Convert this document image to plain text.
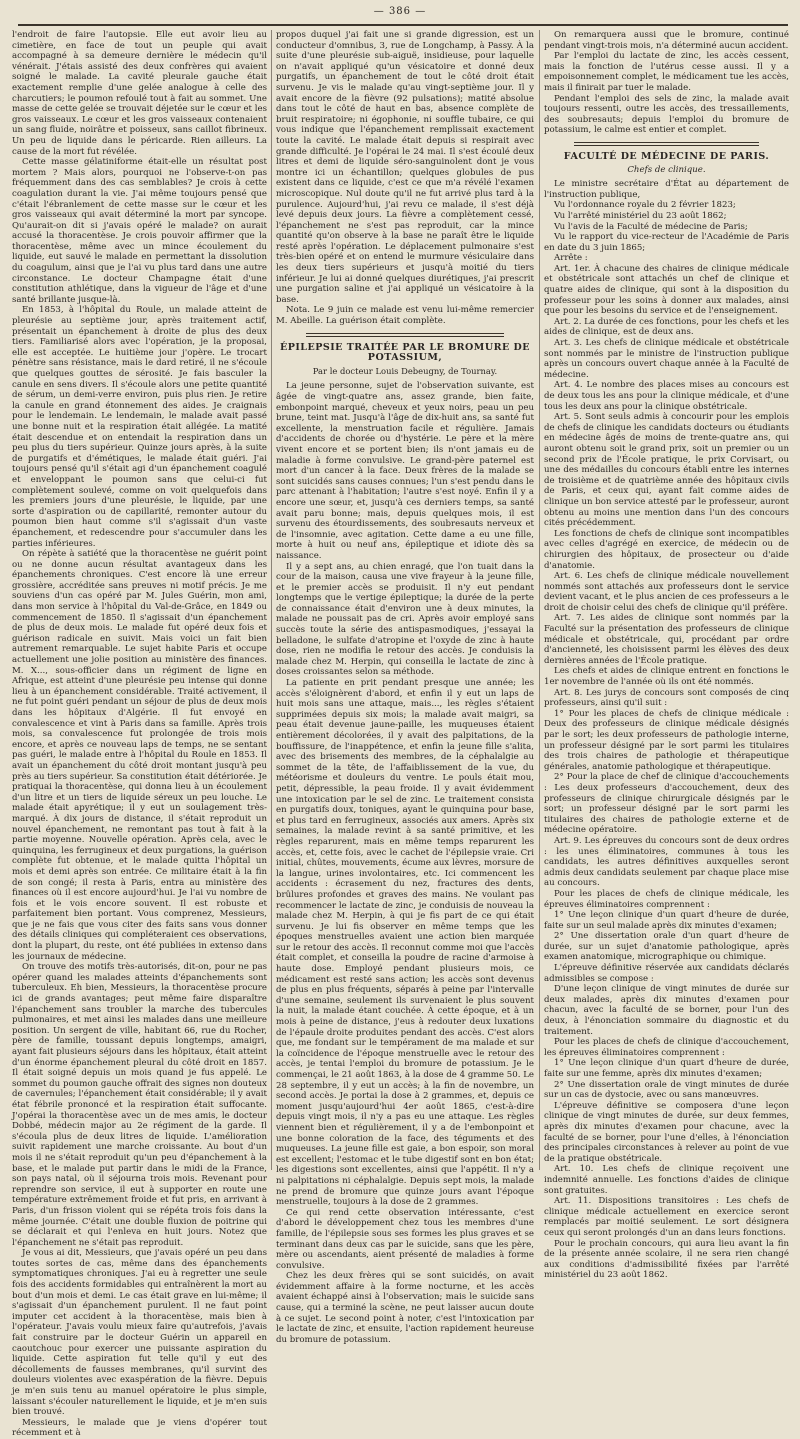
— 386 —

l'endroit de faire l'autopsie. Elle eut avoir lieu au cimetière, en face de tout un peuple qui avait accompagné à sa demeure dernière le médecin qu'il vénérait. J'étais assisté des deux confrères qui avaient soigné le malade. La cavité pleurale gauche était exactement remplie d'une gelée analogue à celle des charcutiers; le poumon refoulé tout à fait au sommet. Une masse de cette gelée se trouvait déjetée sur le cœur et les gros vaisseaux. Le cœur et les gros vaisseaux contenaient un sang fluide, noirâtre et poisseux, sans caillot fibrineux. Un peu de liquide dans le péricarde. Rien ailleurs. La cause de la mort fut révélée.

Cette masse gélatiniforme était-elle un résultat post mortem ? Mais alors, pourquoi ne l'observe-t-on pas fréquemment dans des cas semblables? Je crois à cette coagulation durant la vie. J'ai même toujours pensé que c'était l'ébranlement de cette masse sur le cœur et les gros vaisseaux qui avait déterminé la mort par syncope. Qu'aurait-on dit si j'avais opéré le malade? on aurait accusé la thoracentèse. Je crois pouvoir affirmer que la thoracentèse, même avec un mince écoulement du liquide, eut sauvé le malade en permettant la dissolution du coagulum, ainsi que je l'ai vu plus tard dans une autre circonstance. Le docteur Champagne était d'une constitution athlétique, dans la vigueur de l'âge et d'une santé brillante jusque-là.

En 1853, à l'hôpital du Roule, un malade atteint de pleurésie au septième jour, après traitement actif, présentait un épanchement à droite de plus des deux tiers. Familiarisé alors avec l'opération, je la proposai, elle est acceptée. Le huitième jour j'opère. Le trocart pénètre sans résistance, mais le dard retiré, il ne s'écoule que quelques gouttes de sérosité. Je fais basculer la canule en sens divers. Il s'écoule alors une petite quantité de sérum, un demi-verre environ, puis plus rien. Je retire la canule en grand étonnement des aides. Je craignais pour le lendemain. Le lendemain, le malade avait passé une bonne nuit et la respiration était allégée. La matité était descendue et on entendait la respiration dans un peu plus du tiers supérieur. Quinze jours après, à la suite de purgatifs et d'émétiques, le malade était guéri. J'ai toujours pensé qu'il s'était agi d'un épanchement coagulé et enveloppant le poumon sans que celui-ci fut complètement soulevé, comme on voit quelquefois dans les premiers jours d'une pleurésie, le liquide, par une sorte d'aspiration ou de capillarité, remonter autour du poumon bien haut comme s'il s'agissait d'un vaste épanchement, et redescendre pour s'accumuler dans les parties inférieures.

On répète à satiété que la thoracentèse ne guérit point ou ne donne aucun résultat avantageux dans les épanchements chroniques. C'est encore là une erreur grossière, accréditée sans preuves ni motif précis. Je me souviens d'un cas opéré par M. Jules Guérin, mon ami, dans mon service à l'hôpital du Val-de-Grâce, en 1849 ou commencement de 1850. Il s'agissait d'un épanchement de plus de deux mois. Le malade fut opéré deux fois et guérison radicale en suivit. Mais voici un fait bien autrement remarquable. Le sujet habite Paris et occupe actuellement une jolie position au ministère des finances. M. X..., sous-officier dans un régiment de ligne en Afrique, est atteint d'une pleurésie peu intense qui donne lieu à un épanchement considérable. Traité activement, il ne fut point guéri pendant un séjour de plus de deux mois dans les hôpitaux d'Algérie. Il fut envoyé en convalescence et vint à Paris dans sa famille. Après trois mois, sa convalescence fut prolongée de trois mois encore, et après ce nouveau laps de temps, ne se sentant pas guéri, le malade entre à l'hôpital du Roule en 1853. Il avait un épanchement du côté droit montant jusqu'à peu près au tiers supérieur. Sa constitution était détériorée. Je pratiquai la thoracentèse, qui donna lieu à un écoulement d'un litre et un tiers de liquide séreux un peu louche. Le malade était apyrétique; il y eut un soulagement très-marqué. À dix jours de distance, il s'était reproduit un nouvel épanchement, ne remontant pas tout à fait à la partie moyenne. Nouvelle opération. Après cela, avec le quinquina, les ferrugineux et deux purgations, la guérison complète fut obtenue, et le malade quitta l'hôpital un mois et demi après son entrée. Ce militaire était à la fin de son congé; il resta à Paris, entra au ministère des finances où il est encore aujourd'hui. Je l'ai vu nombre de fois et le vois encore souvent. Il est robuste et parfaitement bien portant. Vous comprenez, Messieurs, que je ne fais que vous citer des faits sans vous donner des détails cliniques qui compléteraient ces observations, dont la plupart, du reste, ont été publiées in extenso dans les journaux de médecine.

On trouve des motifs très-autorisés, dit-on, pour ne pas opérer quand les malades atteints d'épanchements sont tuberculeux. Eh bien, Messieurs, la thoracentèse procure ici de grands avantages; peut même faire disparaître l'épanchement sans troubler la marche des tubercules pulmonaires, et met ainsi les malades dans une meilleure position. Un sergent de ville, habitant 66, rue du Rocher, père de famille, toussant depuis longtemps, amaigri, ayant fait plusieurs séjours dans les hôpitaux, était atteint d'un énorme épanchement pleural du côté droit en 1857. Il était soigné depuis un mois quand je fus appelé. Le sommet du poumon gauche offrait des signes non douteux de cavernules; l'épanchement était considérable; il y avait état fébrile prononcé et la respiration était suffocante. J'opérai la thoracentèse avec un de mes amis, le docteur Dobbé, médecin major au 2e régiment de la garde. Il s'écoula plus de deux litres de liquide. L'amélioration suivit rapidement une marche croissante. Au bout d'un mois il ne s'était reproduit qu'un peu d'épanchement à la base, et le malade put partir dans le midi de la France, son pays natal, où il séjourna trois mois. Revenant pour reprendre son service, il eut à supporter en route une température extrêmement froide et fut pris, en arrivant à Paris, d'un frisson violent qui se répéta trois fois dans la même journée. C'était une double fluxion de poitrine qui se déclarait et qui l'enleva en huit jours. Notez que l'épanchement ne s'était pas reproduit.

Je vous ai dit, Messieurs, que j'avais opéré un peu dans toutes sortes de cas, même dans des épanchements symptomatiques chroniques. J'ai eu à regretter une seule fois des accidents formidables qui entraînèrent la mort au bout d'un mois et demi. Le cas était grave en lui-même; il s'agissait d'un épanchement purulent. Il ne faut point imputer cet accident à la thoracentèse, mais bien à l'opérateur. J'avais voulu mieux faire qu'autrefois, j'avais fait construire par le docteur Guérin un appareil en caoutchouc pour exercer une puissante aspiration du liquide. Cette aspiration fut telle qu'il y eut des décollements de fausses membranes, qu'il survint des douleurs violentes avec exaspération de la fièvre. Depuis je m'en suis tenu au manuel opératoire le plus simple, laissant s'écouler naturellement le liquide, et je m'en suis bien trouvé.

Messieurs, le malade que je viens d'opérer tout récemment et à

propos duquel j'ai fait une si grande digression, est un conducteur d'omnibus, 3, rue de Longchamp, à Passy. À la suite d'une pleurésie sub-aiguë, insidieuse, pour laquelle on n'avait appliqué qu'un vésicatoire et donné deux purgatifs, un épanchement de tout le côté droit était survenu. Je vis le malade qu'au vingt-septième jour. Il y avait encore de la fièvre (92 pulsations); matité absolue dans tout le côté de haut en bas, absence complète de bruit respiratoire; ni égophonie, ni souffle tubaire, ce qui vous indique que l'épanchement remplissait exactement toute la cavité. Le malade était depuis si respirait avec grande difficulté. Je l'opérai le 24 mai. Il s'est écoulé deux litres et demi de liquide séro-sanguinolent dont je vous montre ici un échantillon; quelques globules de pus existent dans ce liquide, c'est ce que m'a révélé l'examen microscopique. Nul doute qu'il ne fut arrivé plus tard à la purulence. Aujourd'hui, j'ai revu ce malade, il s'est déjà levé depuis deux jours. La fièvre a complètement cessé, l'épanchement ne s'est pas reproduit, car la mince quantité qu'on observe à la base ne paraît être le liquide resté après l'opération. Le déplacement pulmonaire s'est très-bien opéré et on entend le murmure vésiculaire dans les deux tiers supérieurs et jusqu'à moitié du tiers inférieur. Je lui ai donné quelques diurétiques, j'ai prescrit une purgation saline et j'ai appliqué un vésicatoire à la base.

Nota. Le 9 juin ce malade est venu lui-même remercier M. Abeille. La guérison était complète.

ÉPILEPSIE TRAITÉE PAR LE BROMURE DE POTASSIUM,
Par le docteur Louis Debeugny, de Tournay.

La jeune personne, sujet de l'observation suivante, est âgée de vingt-quatre ans, assez grande, bien faite, embonpoint marqué, cheveux et yeux noirs, peau un peu brune, teint mat. Jusqu'à l'âge de dix-huit ans, sa santé fut excellente, la menstruation facile et régulière. Jamais d'accidents de chorée ou d'hystérie. Le père et la mère vivent encore et se portent bien; ils n'ont jamais eu de maladie à forme convulsive. Le grand-père paternel est mort d'un cancer à la face. Deux frères de la malade se sont suicidés sans causes connues; l'un s'est pendu dans le parc attenant à l'habitation; l'autre s'est noyé. Enfin il y a encore une sœur, et, jusqu'à ces derniers temps, sa santé avait paru bonne; mais, depuis quelques mois, il est survenu des étourdissements, des soubresauts nerveux et de l'insomnie, avec agitation. Cette dame a eu une fille, morte à huit ou neuf ans, épileptique et idiote dès sa naissance.

Il y a sept ans, au chien enragé, que l'on tuait dans la cour de la maison, causa une vive frayeur à la jeune fille, et le premier accès se produisit. Il n'y eut pendant longtemps que le vertige épileptique; la durée de la perte de connaissance était d'environ une à deux minutes, la malade ne poussait pas de cri. Après avoir employé sans succès toute la série des antispasmodiques, j'essayai la belladone, le sulfate d'atropine et l'oxyde de zinc à haute dose, rien ne modifia le retour des accès. Je conduisis la malade chez M. Herpin, qui conseilla le lactate de zinc à doses croissantes selon sa méthode.

La patiente en prit pendant presque une année; les accès s'éloignèrent d'abord, et enfin il y eut un laps de huit mois sans une attaque, mais..., les règles s'étaient supprimées depuis six mois; la malade avait maigri, sa peau était devenue jaune-paille, les muqueuses étaient entièrement décolorées, il y avait des palpitations, de la bouffissure, de l'inappétence, et enfin la jeune fille s'alita, avec des brisements des membres, de la céphalalgie au sommet de la tête, de l'affaiblissement de la vue, du météorisme et douleurs du ventre. Le pouls était mou, petit, dépressible, la peau froide. Il y avait évidemment une intoxication par le sel de zinc. Le traitement consista en purgatifs doux, toniques, ayant le quinquina pour base, et plus tard en ferrugineux, associés aux amers. Après six semaines, la malade revint à sa santé primitive, et les règles reparurent, mais en même temps reparurent les accès, et, cette fois, avec le cachet de l'épilepsie vraie. Cri initial, chûtes, mouvements, écume aux lèvres, morsure de la langue, urines involontaires, etc. Ici commencent les accidents : écrasement du nez, fractures des dents, brûlures profondes et graves des mains. Ne voulant pas recommencer le lactate de zinc, je conduisis de nouveau la malade chez M. Herpin, à qui je fis part de ce qui était survenu. Je lui fis observer en même temps que les époques menstruelles avaient une action bien marquée sur le retour des accès. Il reconnut comme moi que l'accès était complet, et conseilla la poudre de racine d'armoise à haute dose. Employé pendant plusieurs mois, ce médicament est resté sans action; les accès sont devenus de plus en plus fréquents, séparés à peine par l'intervalle d'une semaine, seulement ils survenaient le plus souvent la nuit, la malade étant couchée. À cette époque, et à un mois à peine de distance, j'eus à redouter deux luxations de l'épaule droite produites pendant des accès. C'est alors que, me fondant sur le tempérament de ma malade et sur la coïncidence de l'époque menstruelle avec le retour des accès, je tentai l'emploi du bromure de potassium. Je le commençai, le 21 août 1863, à la dose de 4 gramme 50. Le 28 septembre, il y eut un accès; à la fin de novembre, un second accès. Je portai la dose à 2 grammes, et, depuis ce moment jusqu'aujourd'hui 4er août 1865, c'est-à-dire depuis vingt mois, il n'y a pas eu une attaque. Les règles viennent bien et régulièrement, il y a de l'embonpoint et une bonne coloration de la face, des téguments et des muqueuses. La jeune fille est gaie, a bon espoir, son moral est excellent; l'estomac et le tube digestif sont en bon état; les digestions sont excellentes, ainsi que l'appétit. Il n'y a ni palpitations ni céphalalgie. Depuis sept mois, la malade ne prend de bromure que quinze jours avant l'époque menstruelle, toujours à la dose de 2 grammes.

Ce qui rend cette observation intéressante, c'est d'abord le développement chez tous les membres d'une famille, de l'épilepsie sous ses formes les plus graves et se terminant dans deux cas par le suicide, sans que les père, mère ou ascendants, aient présenté de maladies à forme convulsive.

Chez les deux frères qui se sont suicidés, on avait évidemment affaire à la forme nocturne, et les accès avaient échappé ainsi à l'observation; mais le suicide sans cause, qui a terminé la scène, ne peut laisser aucun doute à ce sujet. Le second point à noter, c'est l'intoxication par le lactate de zinc, et ensuite, l'action rapidement heureuse du bromure de potassium.

On remarquera aussi que le bromure, continué pendant vingt-trois mois, n'a déterminé aucun accident.

Par l'emploi du lactate de zinc, les accès cessent, mais la fonction de l'utérus cesse aussi. Il y a empoisonnement complet, le médicament tue les accès, mais il finirait par tuer le malade.

Pendant l'emploi des sels de zinc, la malade avait toujours ressenti, outre les accès, des tressaillements, des soubresauts; depuis l'emploi du bromure de potassium, le calme est entier et complet.

FACULTÉ DE MÉDECINE DE PARIS.
Chefs de clinique.

Le ministre secrétaire d'État au département de l'instruction publique,

Vu l'ordonnance royale du 2 février 1823;

Vu l'arrêté ministériel du 23 août 1862;

Vu l'avis de la Faculté de médecine de Paris;

Vu le rapport du vice-recteur de l'Académie de Paris en date du 3 juin 1865;

Arrête :

Art. 1er. À chacune des chaires de clinique médicale et obstétricale sont attachés un chef de clinique et quatre aides de clinique, qui sont à la disposition du professeur pour les soins à donner aux malades, ainsi que pour les besoins du service et de l'enseignement.

Art. 2. La durée de ces fonctions, pour les chefs et les aides de clinique, est de deux ans.

Art. 3. Les chefs de clinique médicale et obstétricale sont nommés par le ministre de l'instruction publique après un concours ouvert chaque année à la Faculté de médecine.

Art. 4. Le nombre des places mises au concours est de deux tous les ans pour la clinique médicale, et d'une tous les deux ans pour la clinique obstétricale.

Art. 5. Sont seuls admis à concourir pour les emplois de chefs de clinique les candidats docteurs ou étudiants en médecine âgés de moins de trente-quatre ans, qui auront obtenu soit le grand prix, soit un premier ou un second prix de l'École pratique, le prix Corvisart, ou une des médailles du concours établi entre les internes de troisième et de quatrième année des hôpitaux civils de Paris, et ceux qui, ayant fait comme aides de clinique un bon service attesté par le professeur, auront obtenu au moins une mention dans l'un des concours cités précédemment.

Les fonctions de chefs de clinique sont incompatibles avec celles d'agrégé en exercice, de médecin ou de chirurgien des hôpitaux, de prosecteur ou d'aide d'anatomie.

Art. 6. Les chefs de clinique médicale nouvellement nommés sont attachés aux professeurs dont le service devient vacant, et le plus ancien de ces professeurs a le droit de choisir celui des chefs de clinique qu'il préfère.

Art. 7. Les aides de clinique sont nommés par la Faculté sur la présentation des professeurs de clinique médicale et obstétricale, qui, procédant par ordre d'ancienneté, les choisissent parmi les élèves des deux dernières années de l'École pratique.

Les chefs et aides de clinique entrent en fonctions le 1er novembre de l'année où ils ont été nommés.

Art. 8. Les jurys de concours sont composés de cinq professeurs, ainsi qu'il suit :

1° Pour les places de chefs de clinique médicale : Deux des professeurs de clinique médicale désignés par le sort; les deux professeurs de pathologie interne, un professeur désigné par le sort parmi les titulaires des trois chaires de pathologie et thérapeutique générales, anatomie pathologique et thérapeutique.

2° Pour la place de chef de clinique d'accouchements : Les deux professeurs d'accouchement, deux des professeurs de clinique chirurgicale désignés par le sort; un professeur désigné par le sort parmi les titulaires des chaires de pathologie externe et de médecine opératoire.

Art. 9. Les épreuves du concours sont de deux ordres : les unes éliminatoires, communes à tous les candidats, les autres définitives auxquelles seront admis deux candidats seulement par chaque place mise au concours.

Pour les places de chefs de clinique médicale, les épreuves éliminatoires comprennent :

1° Une leçon clinique d'un quart d'heure de durée, faite sur un seul malade après dix minutes d'examen;

2° Une dissertation orale d'un quart d'heure de durée, sur un sujet d'anatomie pathologique, après examen anatomique, micrographique ou chimique.

L'épreuve définitive réservée aux candidats déclarés admissibles se compose :

D'une leçon clinique de vingt minutes de durée sur deux malades, après dix minutes d'examen pour chacun, avec la faculté de se borner, pour l'un des deux, à l'énonciation sommaire du diagnostic et du traitement.

Pour les places de chefs de clinique d'accouchement, les épreuves éliminatoires comprennent :

1° Une leçon clinique d'un quart d'heure de durée, faite sur une femme, après dix minutes d'examen;

2° Une dissertation orale de vingt minutes de durée sur un cas de dystocie, avec ou sans manœuvres.

L'épreuve définitive se composera d'une leçon clinique de vingt minutes de durée, sur deux femmes, après dix minutes d'examen pour chacune, avec la faculté de se borner, pour l'une d'elles, à l'énonciation des principales circonstances à relever au point de vue de la pratique obstétricale.

Art. 10. Les chefs de clinique reçoivent une indemnité annuelle. Les fonctions d'aides de clinique sont gratuites.

Art. 11. Dispositions transitoires : Les chefs de clinique médicale actuellement en exercice seront remplacés par moitié seulement. Le sort désignera ceux qui seront prolongés d'un an dans leurs fonctions.

Pour le prochain concours, qui aura lieu avant la fin de la présente année scolaire, il ne sera rien changé aux conditions d'admissibilité fixées par l'arrêté ministériel du 23 août 1862.
